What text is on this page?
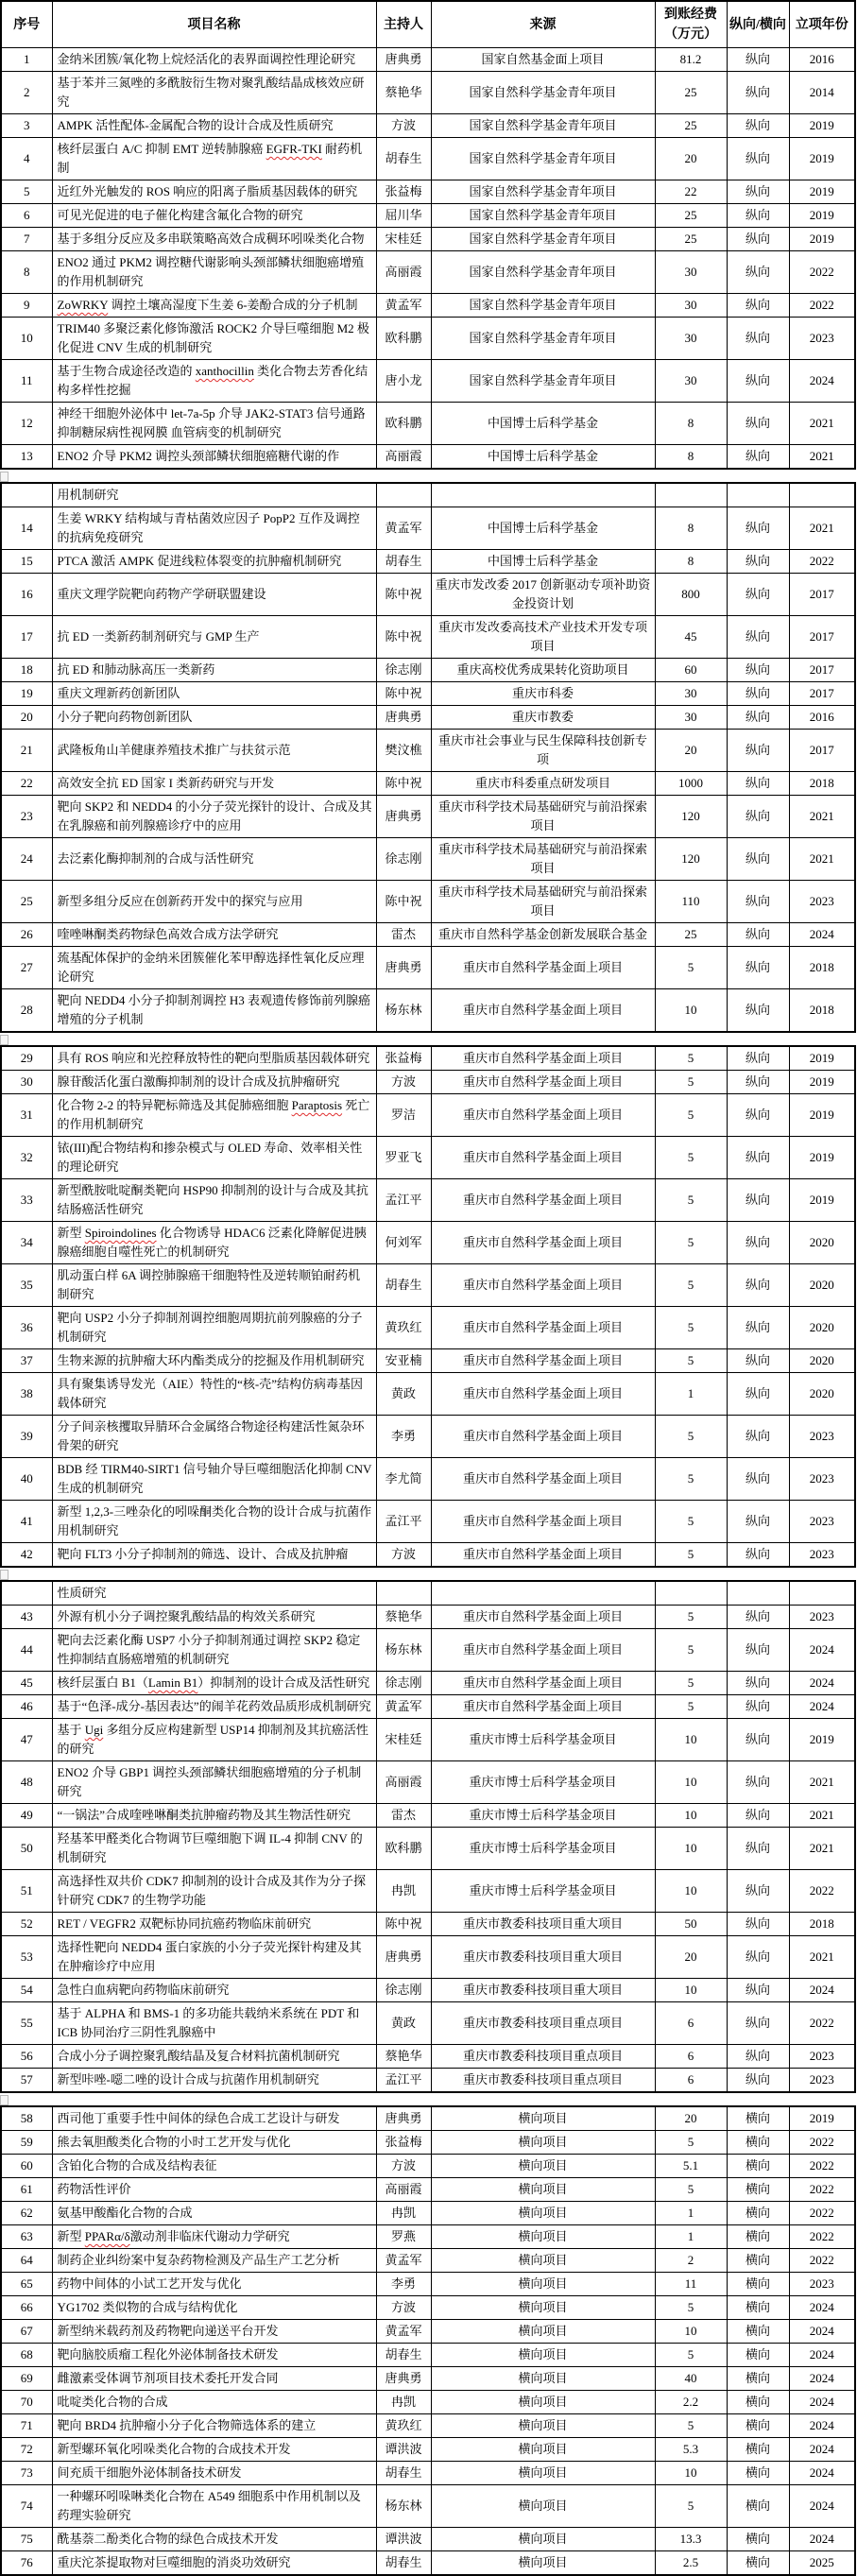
序号	项目名称	主持人	来源	到账经费（万元）	纵向/横向	立项年份
1	金纳米团簇/氧化物上烷烃活化的表界面调控性理论研究	唐典勇	国家自然基金面上项目	81.2	纵向	2016
2	基于苯并三氮唑的多酰胺衍生物对聚乳酸结晶成核效应研究	蔡艳华	国家自然科学基金青年项目	25	纵向	2014
3	AMPK 活性配体-金属配合物的设计合成及性质研究	方波	国家自然科学基金青年项目	25	纵向	2019
4	核纤层蛋白 A/C 抑制 EMT 逆转肺腺癌 EGFR-TKI 耐药机制	胡春生	国家自然科学基金青年项目	20	纵向	2019
5	近红外光触发的 ROS 响应的阳离子脂质基因载体的研究	张益梅	国家自然科学基金青年项目	22	纵向	2019
6	可见光促进的电子催化构建含氟化合物的研究	屈川华	国家自然科学基金青年项目	25	纵向	2019
7	基于多组分反应及多串联策略高效合成稠环吲哚类化合物	宋桂廷	国家自然科学基金青年项目	25	纵向	2019
8	ENO2 通过 PKM2 调控糖代谢影响头颈部鳞状细胞癌增殖的作用机制研究	高丽霞	国家自然科学基金青年项目	30	纵向	2022
9	ZoWRKY 调控土壤高湿度下生姜 6-姜酚合成的分子机制	黄孟军	国家自然科学基金青年项目	30	纵向	2022
10	TRIM40 多聚泛素化修饰激活 ROCK2 介导巨噬细胞 M2 极化促进 CNV 生成的机制研究	欧科鹏	国家自然科学基金青年项目	30	纵向	2023
11	基于生物合成途径改造的 xanthocillin 类化合物去芳香化结构多样性挖掘	唐小龙	国家自然科学基金青年项目	30	纵向	2024
12	神经干细胞外泌体中 let-7a-5p 介导 JAK2-STAT3 信号通路抑制糖尿病性视网膜 血管病变的机制研究	欧科鹏	中国博士后科学基金	8	纵向	2021
13	ENO2 介导 PKM2 调控头颈部鳞状细胞癌糖代谢的作	高丽霞	中国博士后科学基金	8	纵向	2021
	用机制研究					
14	生姜 WRKY 结构域与青枯菌效应因子 PopP2 互作及调控的抗病免疫研究	黄孟军	中国博士后科学基金	8	纵向	2021
15	PTCA 激活 AMPK 促进线粒体裂变的抗肿瘤机制研究	胡春生	中国博士后科学基金	8	纵向	2022
16	重庆文理学院靶向药物产学研联盟建设	陈中祝	重庆市发改委 2017 创新驱动专项补助资金投资计划	800	纵向	2017
17	抗 ED 一类新药制剂研究与 GMP 生产	陈中祝	重庆市发改委高技术产业技术开发专项项目	45	纵向	2017
18	抗 ED 和肺动脉高压一类新药	徐志刚	重庆高校优秀成果转化资助项目	60	纵向	2017
19	重庆文理新药创新团队	陈中祝	重庆市科委	30	纵向	2017
20	小分子靶向药物创新团队	唐典勇	重庆市教委	30	纵向	2016
21	武隆板角山羊健康养殖技术推广与扶贫示范	樊汶樵	重庆市社会事业与民生保障科技创新专项	20	纵向	2017
22	高效安全抗 ED 国家 I 类新药研究与开发	陈中祝	重庆市科委重点研发项目	1000	纵向	2018
23	靶向 SKP2 和 NEDD4 的小分子荧光探针的设计、合成及其在乳腺癌和前列腺癌诊疗中的应用	唐典勇	重庆市科学技术局基础研究与前沿探索项目	120	纵向	2021
24	去泛素化酶抑制剂的合成与活性研究	徐志刚	重庆市科学技术局基础研究与前沿探索项目	120	纵向	2021
25	新型多组分反应在创新药开发中的探究与应用	陈中祝	重庆市科学技术局基础研究与前沿探索项目	110	纵向	2023
26	喹唑啉酮类药物绿色高效合成方法学研究	雷杰	重庆市自然科学基金创新发展联合基金	25	纵向	2024
27	巯基配体保护的金纳米团簇催化苯甲醇选择性氧化反应理论研究	唐典勇	重庆市自然科学基金面上项目	5	纵向	2018
28	靶向 NEDD4 小分子抑制剂调控 H3 表观遗传修饰前列腺癌增殖的分子机制	杨东林	重庆市自然科学基金面上项目	10	纵向	2018
29	具有 ROS 响应和光控释放特性的靶向型脂质基因载体研究	张益梅	重庆市自然科学基金面上项目	5	纵向	2019
30	腺苷酸活化蛋白激酶抑制剂的设计合成及抗肿瘤研究	方波	重庆市自然科学基金面上项目	5	纵向	2019
31	化合物 2-2 的特异靶标筛选及其促肺癌细胞 Paraptosis 死亡的作用机制研究	罗洁	重庆市自然科学基金面上项目	5	纵向	2019
32	铱(III)配合物结构和掺杂模式与 OLED 寿命、效率相关性的理论研究	罗亚飞	重庆市自然科学基金面上项目	5	纵向	2019
33	新型酰胺吡啶酮类靶向 HSP90 抑制剂的设计与合成及其抗结肠癌活性研究	孟江平	重庆市自然科学基金面上项目	5	纵向	2019
34	新型 Spiroindolines 化合物诱导 HDAC6 泛素化降解促进胰腺癌细胞自噬性死亡的机制研究	何刘军	重庆市自然科学基金面上项目	5	纵向	2020
35	肌动蛋白样 6A 调控肺腺癌干细胞特性及逆转顺铂耐药机制研究	胡春生	重庆市自然科学基金面上项目	5	纵向	2020
36	靶向 USP2 小分子抑制剂调控细胞周期抗前列腺癌的分子机制研究	黄玖红	重庆市自然科学基金面上项目	5	纵向	2020
37	生物来源的抗肿瘤大环内酯类成分的挖掘及作用机制研究	安亚楠	重庆市自然科学基金面上项目	5	纵向	2020
38	具有聚集诱导发光（AIE）特性的“核-壳”结构仿病毒基因载体研究	黄政	重庆市自然科学基金面上项目	1	纵向	2020
39	分子间亲核攫取异腈环合金属络合物途径构建活性氮杂环骨架的研究	李勇	重庆市自然科学基金面上项目	5	纵向	2023
40	BDB 经 TIRM40-SIRT1 信号轴介导巨噬细胞活化抑制 CNV 生成的机制研究	李尤简	重庆市自然科学基金面上项目	5	纵向	2023
41	新型 1,2,3-三唑杂化的吲哚酮类化合物的设计合成与抗菌作用机制研究	孟江平	重庆市自然科学基金面上项目	5	纵向	2023
42	靶向 FLT3 小分子抑制剂的筛选、设计、合成及抗肿瘤	方波	重庆市自然科学基金面上项目	5	纵向	2023
	性质研究					
43	外源有机小分子调控聚乳酸结晶的构效关系研究	蔡艳华	重庆市自然科学基金面上项目	5	纵向	2023
44	靶向去泛素化酶 USP7 小分子抑制剂通过调控 SKP2 稳定性抑制结直肠癌增殖的机制研究	杨东林	重庆市自然科学基金面上项目	5	纵向	2024
45	核纤层蛋白 B1（Lamin B1）抑制剂的设计合成及活性研究	徐志刚	重庆市自然科学基金面上项目	5	纵向	2024
46	基于“色泽-成分-基因表达”的闹羊花药效品质形成机制研究	黄孟军	重庆市自然科学基金面上项目	5	纵向	2024
47	基于 Ugi 多组分反应构建新型 USP14 抑制剂及其抗癌活性的研究	宋桂廷	重庆市博士后科学基金项目	10	纵向	2019
48	ENO2 介导 GBP1 调控头颈部鳞状细胞癌增殖的分子机制研究	高丽霞	重庆市博士后科学基金项目	10	纵向	2021
49	“一锅法”合成喹唑啉酮类抗肿瘤药物及其生物活性研究	雷杰	重庆市博士后科学基金项目	10	纵向	2021
50	羟基苯甲醛类化合物调节巨噬细胞下调 IL-4 抑制 CNV 的机制研究	欧科鹏	重庆市博士后科学基金项目	10	纵向	2021
51	高选择性双共价 CDK7 抑制剂的设计合成及其作为分子探针研究 CDK7 的生物学功能	冉凯	重庆市博士后科学基金项目	10	纵向	2022
52	RET / VEGFR2 双靶标协同抗癌药物临床前研究	陈中祝	重庆市教委科技项目重大项目	50	纵向	2018
53	选择性靶向 NEDD4 蛋白家族的小分子荧光探针构建及其在肿瘤诊疗中应用	唐典勇	重庆市教委科技项目重大项目	20	纵向	2021
54	急性白血病靶向药物临床前研究	徐志刚	重庆市教委科技项目重大项目	10	纵向	2024
55	基于 ALPHA 和 BMS-1 的多功能共载纳米系统在 PDT 和 ICB 协同治疗三阴性乳腺癌中	黄政	重庆市教委科技项目重点项目	6	纵向	2022
56	合成小分子调控聚乳酸结晶及复合材料抗菌机制研究	蔡艳华	重庆市教委科技项目重点项目	6	纵向	2023
57	新型咔唑-噁二唑的设计合成与抗菌作用机制研究	孟江平	重庆市教委科技项目重点项目	6	纵向	2023
58	西司他丁重要手性中间体的绿色合成工艺设计与研发	唐典勇	横向项目	20	横向	2019
59	熊去氧胆酸类化合物的小时工艺开发与优化	张益梅	横向项目	5	横向	2022
60	含铂化合物的合成及结构表征	方波	横向项目	5.1	横向	2022
61	药物活性评价	高丽霞	横向项目	5	横向	2022
62	氨基甲酸酯化合物的合成	冉凯	横向项目	1	横向	2022
63	新型 PPARα/δ激动剂非临床代谢动力学研究	罗燕	横向项目	1	横向	2022
64	制药企业纠纷案中复杂药物检测及产品生产工艺分析	黄孟军	横向项目	2	横向	2022
65	药物中间体的小试工艺开发与优化	李勇	横向项目	11	横向	2023
66	YG1702 类似物的合成与结构优化	方波	横向项目	5	横向	2024
67	新型纳米载药剂及药物靶向递送平台开发	黄孟军	横向项目	10	横向	2024
68	靶向脑胶质瘤工程化外泌体制备技术研发	胡春生	横向项目	5	横向	2024
69	雌激素受体调节剂项目技术委托开发合同	唐典勇	横向项目	40	横向	2024
70	吡啶类化合物的合成	冉凯	横向项目	2.2	横向	2024
71	靶向 BRD4 抗肿瘤小分子化合物筛选体系的建立	黄玖红	横向项目	5	横向	2024
72	新型螺环氧化吲哚类化合物的合成技术开发	谭洪波	横向项目	5.3	横向	2024
73	间充质干细胞外泌体制备技术研发	胡春生	横向项目	10	横向	2024
74	一种螺环吲哚啉类化合物在 A549 细胞系中作用机制以及药理实验研究	杨东林	横向项目	5	横向	2024
75	酰基萘二酚类化合物的绿色合成技术开发	谭洪波	横向项目	13.3	横向	2024
76	重庆沱茶提取物对巨噬细胞的消炎功效研究	胡春生	横向项目	2.5	横向	2025
